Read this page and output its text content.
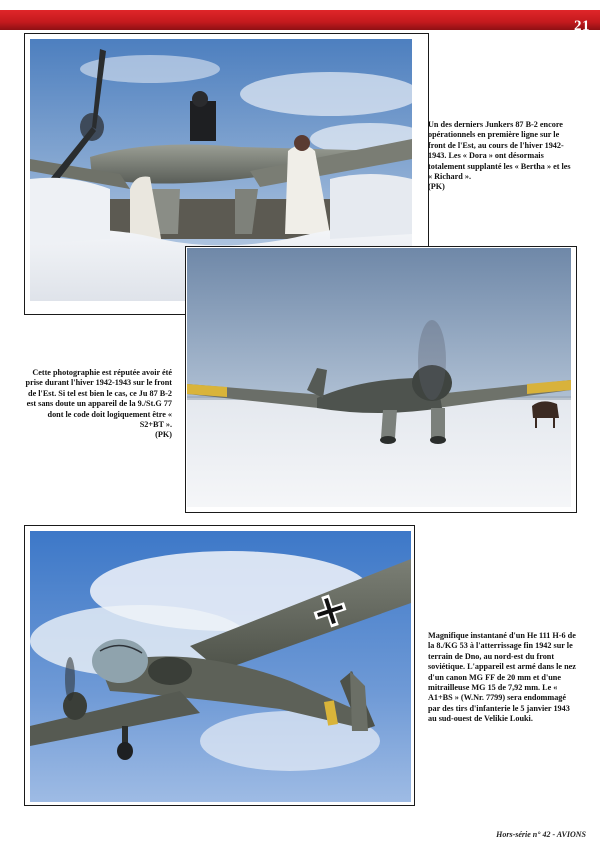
21

Un des derniers Junkers 87 B-2 encore opérationnels en première ligne sur le front de l'Est, au cours de l'hiver 1942-1943. Les « Dora » ont désormais totalement supplanté les « Bertha » et les « Richard ».
(PK)

Cette photographie est réputée avoir été prise durant l'hiver 1942-1943 sur le front de l'Est. Si tel est bien le cas, ce Ju 87 B-2 est sans doute un appareil de la 9./St.G 77 dont le code doit logiquement être « S2+BT ».
(PK)

Magnifique instantané d'un He 111 H-6 de la 8./KG 53 à l'atterrissage fin 1942 sur le terrain de Dno, au nord-est du front soviétique. L'appareil est armé dans le nez d'un canon MG FF de 20 mm et d'une mitrailleuse MG 15 de 7,92 mm. Le « A1+BS » (W.Nr. 7799) sera endommagé par des tirs d'infanterie le 5 janvier 1943 au sud-ouest de Velikie Louki.

Hors-série n° 42 - AVIONS
